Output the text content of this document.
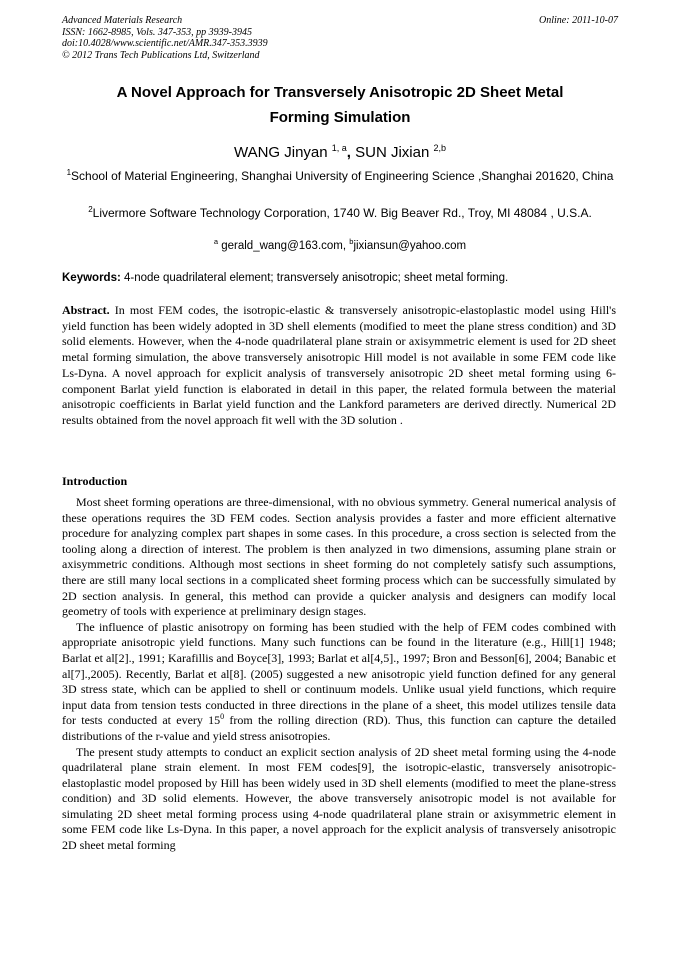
Advanced Materials Research
ISSN: 1662-8985, Vols. 347-353, pp 3939-3945
doi:10.4028/www.scientific.net/AMR.347-353.3939
© 2012 Trans Tech Publications Ltd, Switzerland
Online: 2011-10-07
A Novel Approach for Transversely Anisotropic 2D Sheet Metal
Forming Simulation
WANG Jinyan $^{1, a}$, SUN Jixian $^{2,b}$
$^1$School of Material Engineering, Shanghai University of Engineering Science ,Shanghai 201620, China
$^2$Livermore Software Technology Corporation, 1740 W. Big Beaver Rd., Troy, MI 48084 , U.S.A.
$^a$ gerald_wang@163.com, $^b$jixiansun@yahoo.com
Keywords: 4-node quadrilateral element; transversely anisotropic; sheet metal forming.
Abstract. In most FEM codes, the isotropic-elastic & transversely anisotropic-elastoplastic model using Hill's yield function has been widely adopted in 3D shell elements (modified to meet the plane stress condition) and 3D solid elements. However, when the 4-node quadrilateral plane strain or axisymmetric element is used for 2D sheet metal forming simulation, the above transversely anisotropic Hill model is not available in some FEM code like Ls-Dyna. A novel approach for explicit analysis of transversely anisotropic 2D sheet metal forming using 6-component Barlat yield function is elaborated in detail in this paper, the related formula between the material anisotropic coefficients in Barlat yield function and the Lankford parameters are derived directly. Numerical 2D results obtained from the novel approach fit well with the 3D solution .
Introduction

Most sheet forming operations are three-dimensional, with no obvious symmetry. General numerical analysis of these operations requires the 3D FEM codes. Section analysis provides a faster and more efficient alternative procedure for analyzing complex part shapes in some cases. In this procedure, a cross section is selected from the tooling along a direction of interest. The problem is then analyzed in two dimensions, assuming plane strain or axisymmetric conditions. Although most sections in sheet forming do not completely satisfy such assumptions, there are still many local sections in a complicated sheet forming process which can be successfully simulated by 2D section analysis. In general, this method can provide a quicker analysis and designers can modify local geometry of tools with experience at preliminary design stages.

The influence of plastic anisotropy on forming has been studied with the help of FEM codes combined with appropriate anisotropic yield functions. Many such functions can be found in the literature (e.g., Hill[1] 1948; Barlat et al[2]., 1991; Karafillis and Boyce[3], 1993; Barlat et al[4,5]., 1997; Bron and Besson[6], 2004; Banabic et al[7].,2005). Recently, Barlat et al[8]. (2005) suggested a new anisotropic yield function defined for any general 3D stress state, which can be applied to shell or continuum models. Unlike usual yield functions, which require input data from tension tests conducted in three directions in the plane of a sheet, this model utilizes tensile data for tests conducted at every $15^0$ from the rolling direction (RD). Thus, this function can capture the detailed distributions of the r-value and yield stress anisotropies.

The present study attempts to conduct an explicit section analysis of 2D sheet metal forming using the 4-node quadrilateral plane strain element. In most FEM codes[9], the isotropic-elastic, transversely anisotropic-elastoplastic model proposed by Hill has been widely used in 3D shell elements (modified to meet the plane-stress condition) and 3D solid elements. However, the above transversely anisotropic model is not available for simulating 2D sheet metal forming process using 4-node quadrilateral plane strain or axisymmetric element in some FEM code like Ls-Dyna. In this paper, a novel approach for the explicit analysis of transversely anisotropic 2D sheet metal forming
